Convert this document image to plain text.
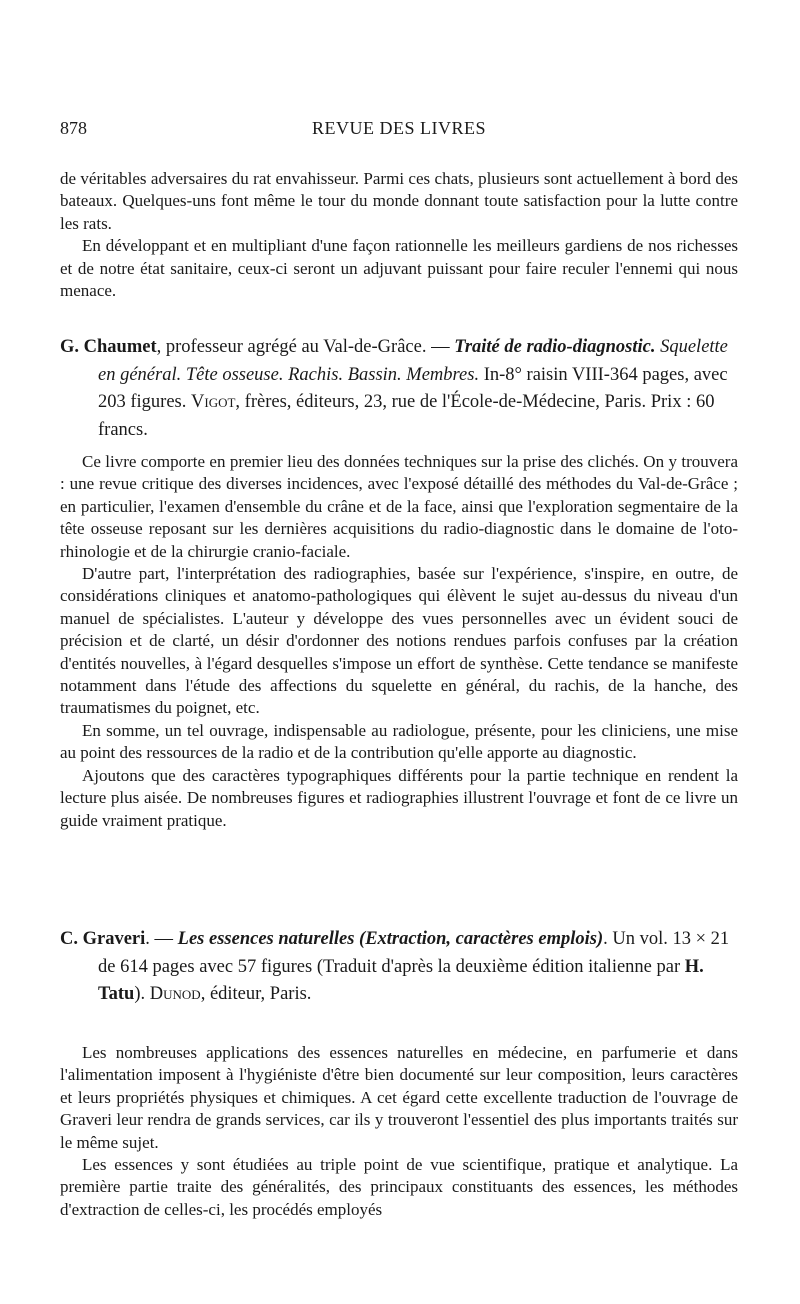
878	REVUE DES LIVRES

de véritables adversaires du rat envahisseur. Parmi ces chats, plusieurs sont actuellement à bord des bateaux. Quelques-uns font même le tour du monde donnant toute satisfaction pour la lutte contre les rats.

En développant et en multipliant d'une façon rationnelle les meilleurs gardiens de nos richesses et de notre état sanitaire, ceux-ci seront un adjuvant puissant pour faire reculer l'ennemi qui nous menace.

G. Chaumet, professeur agrégé au Val-de-Grâce. — Traité de radio-diagnostic. Squelette en général. Tête osseuse. Rachis. Bassin. Membres. In-8° raisin VIII-364 pages, avec 203 figures. Vigot, frères, éditeurs, 23, rue de l'École-de-Médecine, Paris. Prix : 60 francs.

Ce livre comporte en premier lieu des données techniques sur la prise des clichés. On y trouvera : une revue critique des diverses incidences, avec l'exposé détaillé des méthodes du Val-de-Grâce ; en particulier, l'examen d'ensemble du crâne et de la face, ainsi que l'exploration segmentaire de la tête osseuse reposant sur les dernières acquisitions du radio-diagnostic dans le domaine de l'oto-rhinologie et de la chirurgie cranio-faciale.

D'autre part, l'interprétation des radiographies, basée sur l'expérience, s'inspire, en outre, de considérations cliniques et anatomo-pathologiques qui élèvent le sujet au-dessus du niveau d'un manuel de spécialistes. L'auteur y développe des vues personnelles avec un évident souci de précision et de clarté, un désir d'ordonner des notions rendues parfois confuses par la création d'entités nouvelles, à l'égard desquelles s'impose un effort de synthèse. Cette tendance se manifeste notamment dans l'étude des affections du squelette en général, du rachis, de la hanche, des traumatismes du poignet, etc.

En somme, un tel ouvrage, indispensable au radiologue, présente, pour les cliniciens, une mise au point des ressources de la radio et de la contribution qu'elle apporte au diagnostic.

Ajoutons que des caractères typographiques différents pour la partie technique en rendent la lecture plus aisée. De nombreuses figures et radiographies illustrent l'ouvrage et font de ce livre un guide vraiment pratique.

C. Graveri. — Les essences naturelles (Extraction, caractères emplois). Un vol. 13 × 21 de 614 pages avec 57 figures (Traduit d'après la deuxième édition italienne par H. Tatu). Dunod, éditeur, Paris.

Les nombreuses applications des essences naturelles en médecine, en parfumerie et dans l'alimentation imposent à l'hygiéniste d'être bien documenté sur leur composition, leurs caractères et leurs propriétés physiques et chimiques. A cet égard cette excellente traduction de l'ouvrage de Graveri leur rendra de grands services, car ils y trouveront l'essentiel des plus importants traités sur le même sujet.

Les essences y sont étudiées au triple point de vue scientifique, pratique et analytique. La première partie traite des généralités, des principaux constituants des essences, les méthodes d'extraction de celles-ci, les procédés employés
